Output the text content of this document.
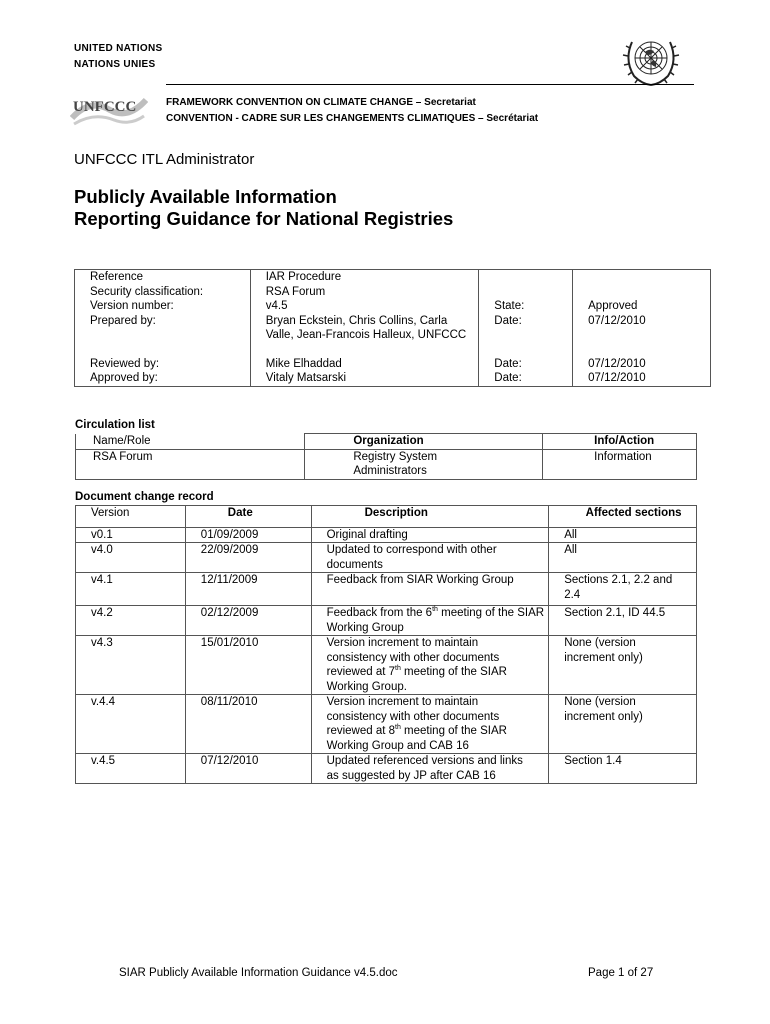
UNITED NATIONS
NATIONS UNIES
UNFCCC	FRAMEWORK CONVENTION ON CLIMATE CHANGE – Secretariat
CONVENTION - CADRE SUR LES CHANGEMENTS CLIMATIQUES – Secrétariat
UNFCCC ITL Administrator
Publicly Available Information
Reporting Guidance for National Registries
Reference	IAR Procedure		
Security classification:	RSA Forum		
Version number:	v4.5	State:	Approved
Prepared by:	Bryan Eckstein, Chris Collins, Carla Valle, Jean-Francois Halleux, UNFCCC	Date:	07/12/2010
Reviewed by:	Mike Elhaddad	Date:	07/12/2010
Approved by:	Vitaly Matsarski	Date:	07/12/2010
Circulation list
Name/Role	Organization	Info/Action
RSA Forum	Registry System Administrators	Information
Document change record
Version	Date	Description	Affected sections
v0.1	01/09/2009	Original drafting	All
v4.0	22/09/2009	Updated to correspond with other documents	All
v4.1	12/11/2009	Feedback from SIAR Working Group	Sections 2.1, 2.2 and 2.4
v4.2	02/12/2009	Feedback from the 6th meeting of the SIAR Working Group	Section 2.1, ID 44.5
v4.3	15/01/2010	Version increment to maintain consistency with other documents reviewed at 7th meeting of the SIAR Working Group.	None (version increment only)
v.4.4	08/11/2010	Version increment to maintain consistency with other documents reviewed at 8th meeting of the SIAR Working Group and CAB 16	None (version increment only)
v.4.5	07/12/2010	Updated referenced versions and links as suggested by JP after CAB 16	Section 1.4
SIAR Publicly Available Information Guidance v4.5.doc	Page 1 of 27
